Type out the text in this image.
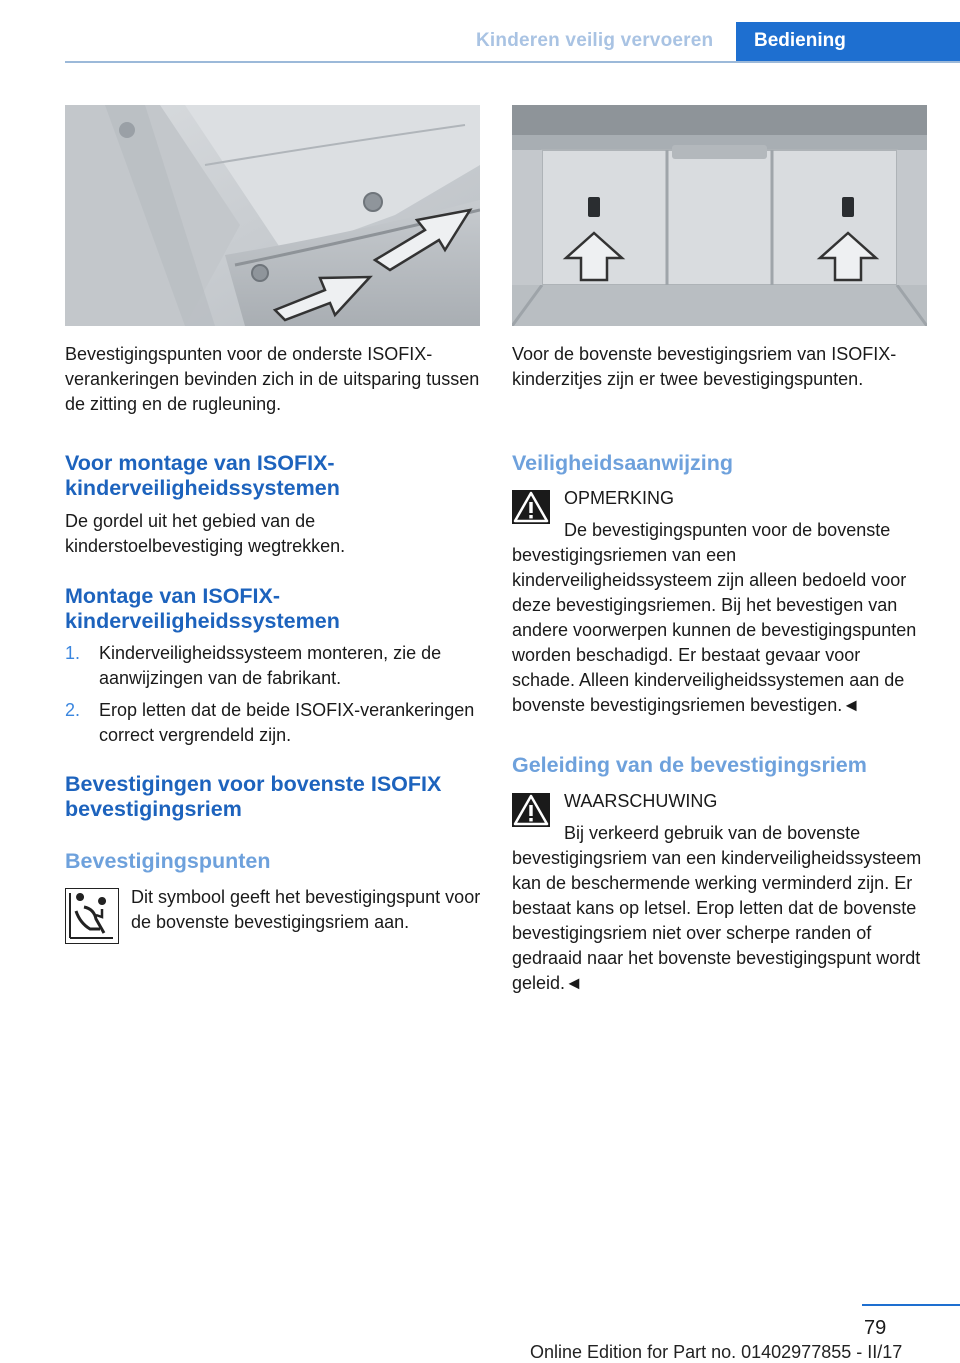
Kinderen veilig vervoeren	Bediening
Bevestigingspunten voor de onderste ISOFIX-verankeringen bevinden zich in de uitsparing tussen de zitting en de rugleuning.
Voor montage van ISOFIX-
kinderveiligheidssystemen
De gordel uit het gebied van de kinderstoelbevestiging wegtrekken.
Montage van ISOFIX-
kinderveiligheidssystemen
1. Kinderveiligheidssysteem monteren, zie de aanwijzingen van de fabrikant.
2. Erop letten dat de beide ISOFIX-verankeringen correct vergrendeld zijn.
Bevestigingen voor bovenste ISOFIX
bevestigingsriem
Bevestigingspunten
Dit symbool geeft het bevestigingspunt voor de bovenste bevestigingsriem aan.
Voor de bovenste bevestigingsriem van ISOFIX-kinderzitjes zijn er twee bevestigingspunten.
Veiligheidsaanwijzing
OPMERKING
De bevestigingspunten voor de bovenste bevestigingsriemen van een kinderveiligheidssysteem zijn alleen bedoeld voor deze bevestigingsriemen. Bij het bevestigen van andere voorwerpen kunnen de bevestigingspunten worden beschadigd. Er bestaat gevaar voor schade. Alleen kinderveiligheidssystemen aan de bovenste bevestigingsriemen bevestigen.◄
Geleiding van de bevestigingsriem
WAARSCHUWING
Bij verkeerd gebruik van de bovenste bevestigingsriem van een kinderveiligheidssysteem kan de beschermende werking verminderd zijn. Er bestaat kans op letsel. Erop letten dat de bovenste bevestigingsriem niet over scherpe randen of gedraaid naar het bovenste bevestigingspunt wordt geleid.◄
79
Online Edition for Part no. 01402977855 - II/17
